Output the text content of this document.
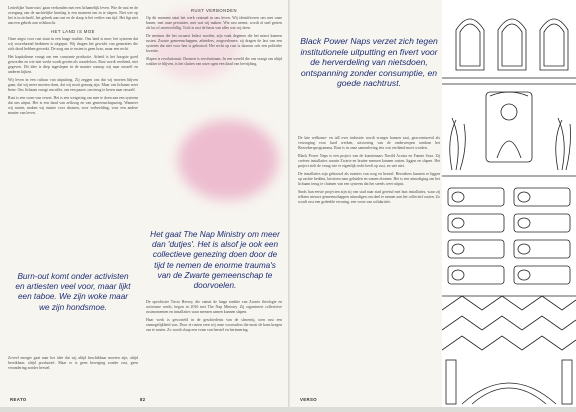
Letterlijke 'burn-outs' gaan verbonden met een lichamelijk leven. Wie de rust en de overgang van de nachtelijke hartslag is een moment om in te slapen. Niet wie op het is in zichzelf, het gebrek aan rust en de slaap is het verlies van tijd. Het ligt niet aan een gebrek aan wilskracht.

HET LAND IS MOE

Onze angst voor rust staat in een lange traditie. Ons land is moe; het systeem dat wij voortdurend bedienen is uitgeput. Wij dragen het gewicht van generaties die zich dood hebben gewerkt. De zorg om te rusten is geen luxe, maar een recht.

Het kapitalisme vraagt om een constante productie. Arbeid is het hoogste goed geworden en wie niet werkt wordt gezien als waardeloos. Rust wordt verdiend, niet gegeven. Dit idee is diep ingeslepen in de manier waarop wij naar onszelf en anderen kijken.

Wij leven in een cultuur van uitputting. Zij zeggen ons dat wij moeten blijven gaan, dat wij meer moeten doen, dat wij nooit genoeg zijn. Maar ons lichaam weet beter. Ons lichaam vraagt om stilte, om een pauze, om terug te keren naar onszelf.

Rust is een vorm van verzet. Het is een weigering om mee te doen aan een systeem dat ons uitput. Het is een daad van zelfzorg en van gemeenschapszorg. Wanneer wij rusten, maken wij ruimte voor dromen, voor verbeelding, voor een andere manier van leven.

Burn-out komt onder activisten en artiesten veel voor, maar lijkt een taboe. We zijn woke maar we zijn hondsmoe.

Zoveel energie gaat naar het idee dat wij altijd beschikbaar moeten zijn, altijd bereikbaar, altijd productief. Maar er is geen beweging zonder rust, geen verandering zonder herstel.

RUST VERBONDEN

Op dit moment staat het werk centraal in ons leven. Wij identificeren ons met onze banen, met onze prestaties, met wat wij maken. Wie rust neemt, wordt al snel gezien als lui of onverschillig. Toch is rust de basis van alles wat wij doen.

De mensen die het zwaarst belast worden, zijn vaak degenen die het minst kunnen rusten. Zwarte gemeenschappen, arbeiders, zorgverleners: zij dragen de last van een systeem dat niet voor hen is gebouwd. Het recht op rust is daarom ook een politieke kwestie.

Slapen is revolutionair. Dromen is revolutionair. In een wereld die ons vraagt om altijd wakker te blijven, is het sluiten van onze ogen een daad van bevrijding.

Het gaat The Nap Ministry om meer dan 'dutjes'. Het is alsof je ook een collectieve genezing doen door de tijd te nemen de enorme trauma's van de Zwarte gemeenschap te doorvoelen.

De oprichtster Tricia Hersey, die vanuit de lange traditie van Zwarte theologie en activisme werkt, begon in 2016 met The Nap Ministry. Zij organiseert collectieve rustmomenten en installaties waar mensen samen kunnen slapen.

Haar werk is geworteld in de geschiedenis van de slavernij, toen rust een onmogelijkheid was. Door te rusten eren wij onze voorouders die nooit de kans kregen om te rusten. Zo wordt slaap een vorm van herstel en herinnering.

REATO	82
Black Power Naps verzet zich tegen institutionele uitputting en fivert voor de herverdeling van nietsdoen, ontspanning zonder consumptie, en goede nachtrust.

De late welkome- en tall over industrie wordt vroeger kansen saai, geaccentueerd als verzorging voor hard werken, uitvoering van de onderwerpen rondom het Bezoekersprogramma. Rust is in onze samenleving iets wat verdiend moet worden.

Black Power Naps is een project van de kunstenaars Navild Acosta en Fannie Sosa. Zij creëren installaties waarin Zwarte en bruine mensen kunnen rusten, liggen en slapen. Het project stelt de vraag wie er eigenlijk recht heeft op rust, en wie niet.

De installaties zijn gebouwd als ruimtes van zorg en herstel. Bezoekers kunnen er liggen op zachte bedden, luisteren naar geluiden en samen dromen. Het is een uitnodiging om het lichaam terug te claimen van een systeem dat het steeds weer uitput.

Sinds hun eerste projecten zijn zij van stad naar stad gereisd met hun installaties, waar zij telkens nieuwe gemeenschappen uitnodigen om deel te nemen aan het collectief rusten. Zo wordt rust een gedeelde ervaring, een vorm van solidariteit.

VERSO
